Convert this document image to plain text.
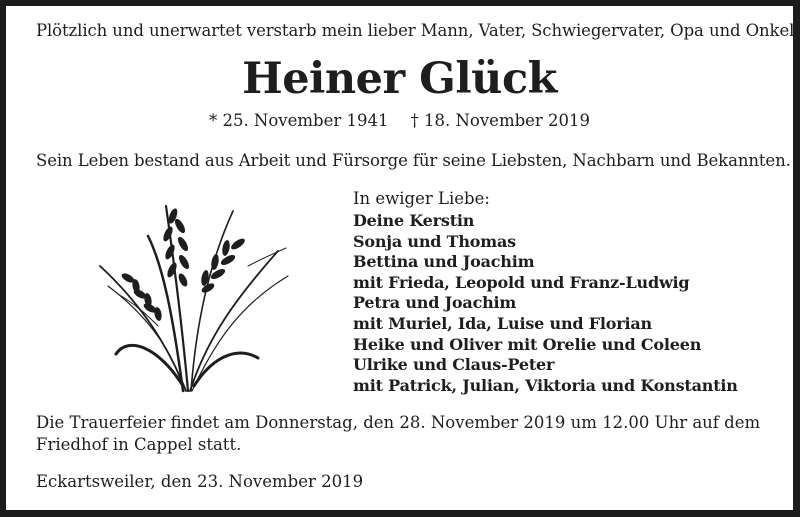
Plötzlich und unerwartet verstarb mein lieber Mann, Vater, Schwiegervater, Opa und Onkel
Heiner Glück
* 25. November 1941 † 18. November 2019
Sein Leben bestand aus Arbeit und Fürsorge für seine Liebsten, Nachbarn und Bekannten.
In ewiger Liebe:
Deine Kerstin
Sonja und Thomas
Bettina und Joachim
mit Frieda, Leopold und Franz-Ludwig
Petra und Joachim
mit Muriel, Ida, Luise und Florian
Heike und Oliver mit Orelie und Coleen
Ulrike und Claus-Peter
mit Patrick, Julian, Viktoria und Konstantin
Die Trauerfeier findet am Donnerstag, den 28. November 2019 um 12.00 Uhr auf dem
Friedhof in Cappel statt.
Eckartsweiler, den 23. November 2019
